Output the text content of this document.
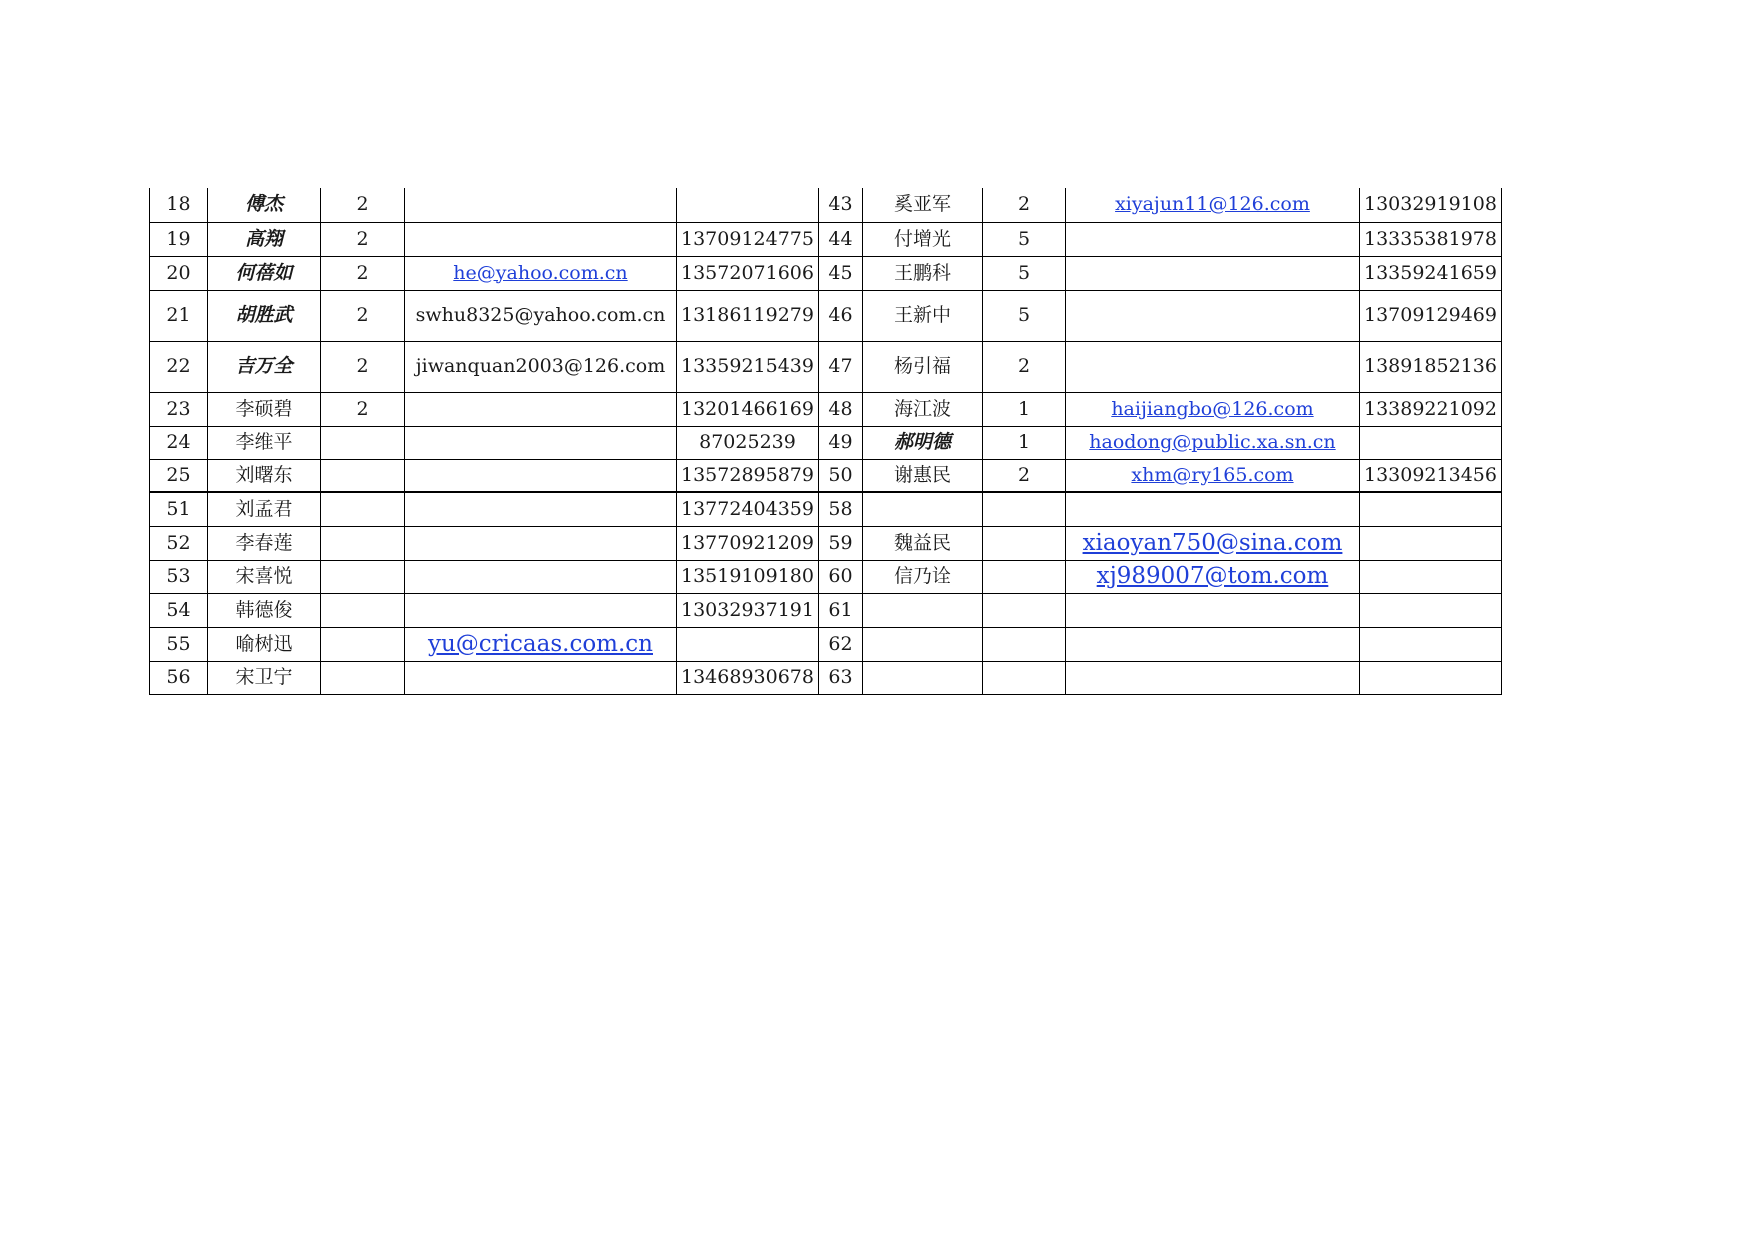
18	傅杰	2			43	奚亚军	2	xiyajun11@126.com	13032919108
19	高翔	2		13709124775	44	付增光	5		13335381978
20	何蓓如	2	he@yahoo.com.cn	13572071606	45	王鹏科	5		13359241659
21	胡胜武	2	swhu8325@yahoo.com.cn	13186119279	46	王新中	5		13709129469
22	吉万全	2	jiwanquan2003@126.com	13359215439	47	杨引福	2		13891852136
23	李硕碧	2		13201466169	48	海江波	1	haijiangbo@126.com	13389221092
24	李维平			87025239	49	郝明德	1	haodong@public.xa.sn.cn	
25	刘曙东			13572895879	50	谢惠民	2	xhm@ry165.com	13309213456
51	刘孟君			13772404359	58				
52	李春莲			13770921209	59	魏益民		xiaoyan750@sina.com	
53	宋喜悦			13519109180	60	信乃诠		xj989007@tom.com	
54	韩德俊			13032937191	61				
55	喻树迅		yu@cricaas.com.cn		62				
56	宋卫宁			13468930678	63				
